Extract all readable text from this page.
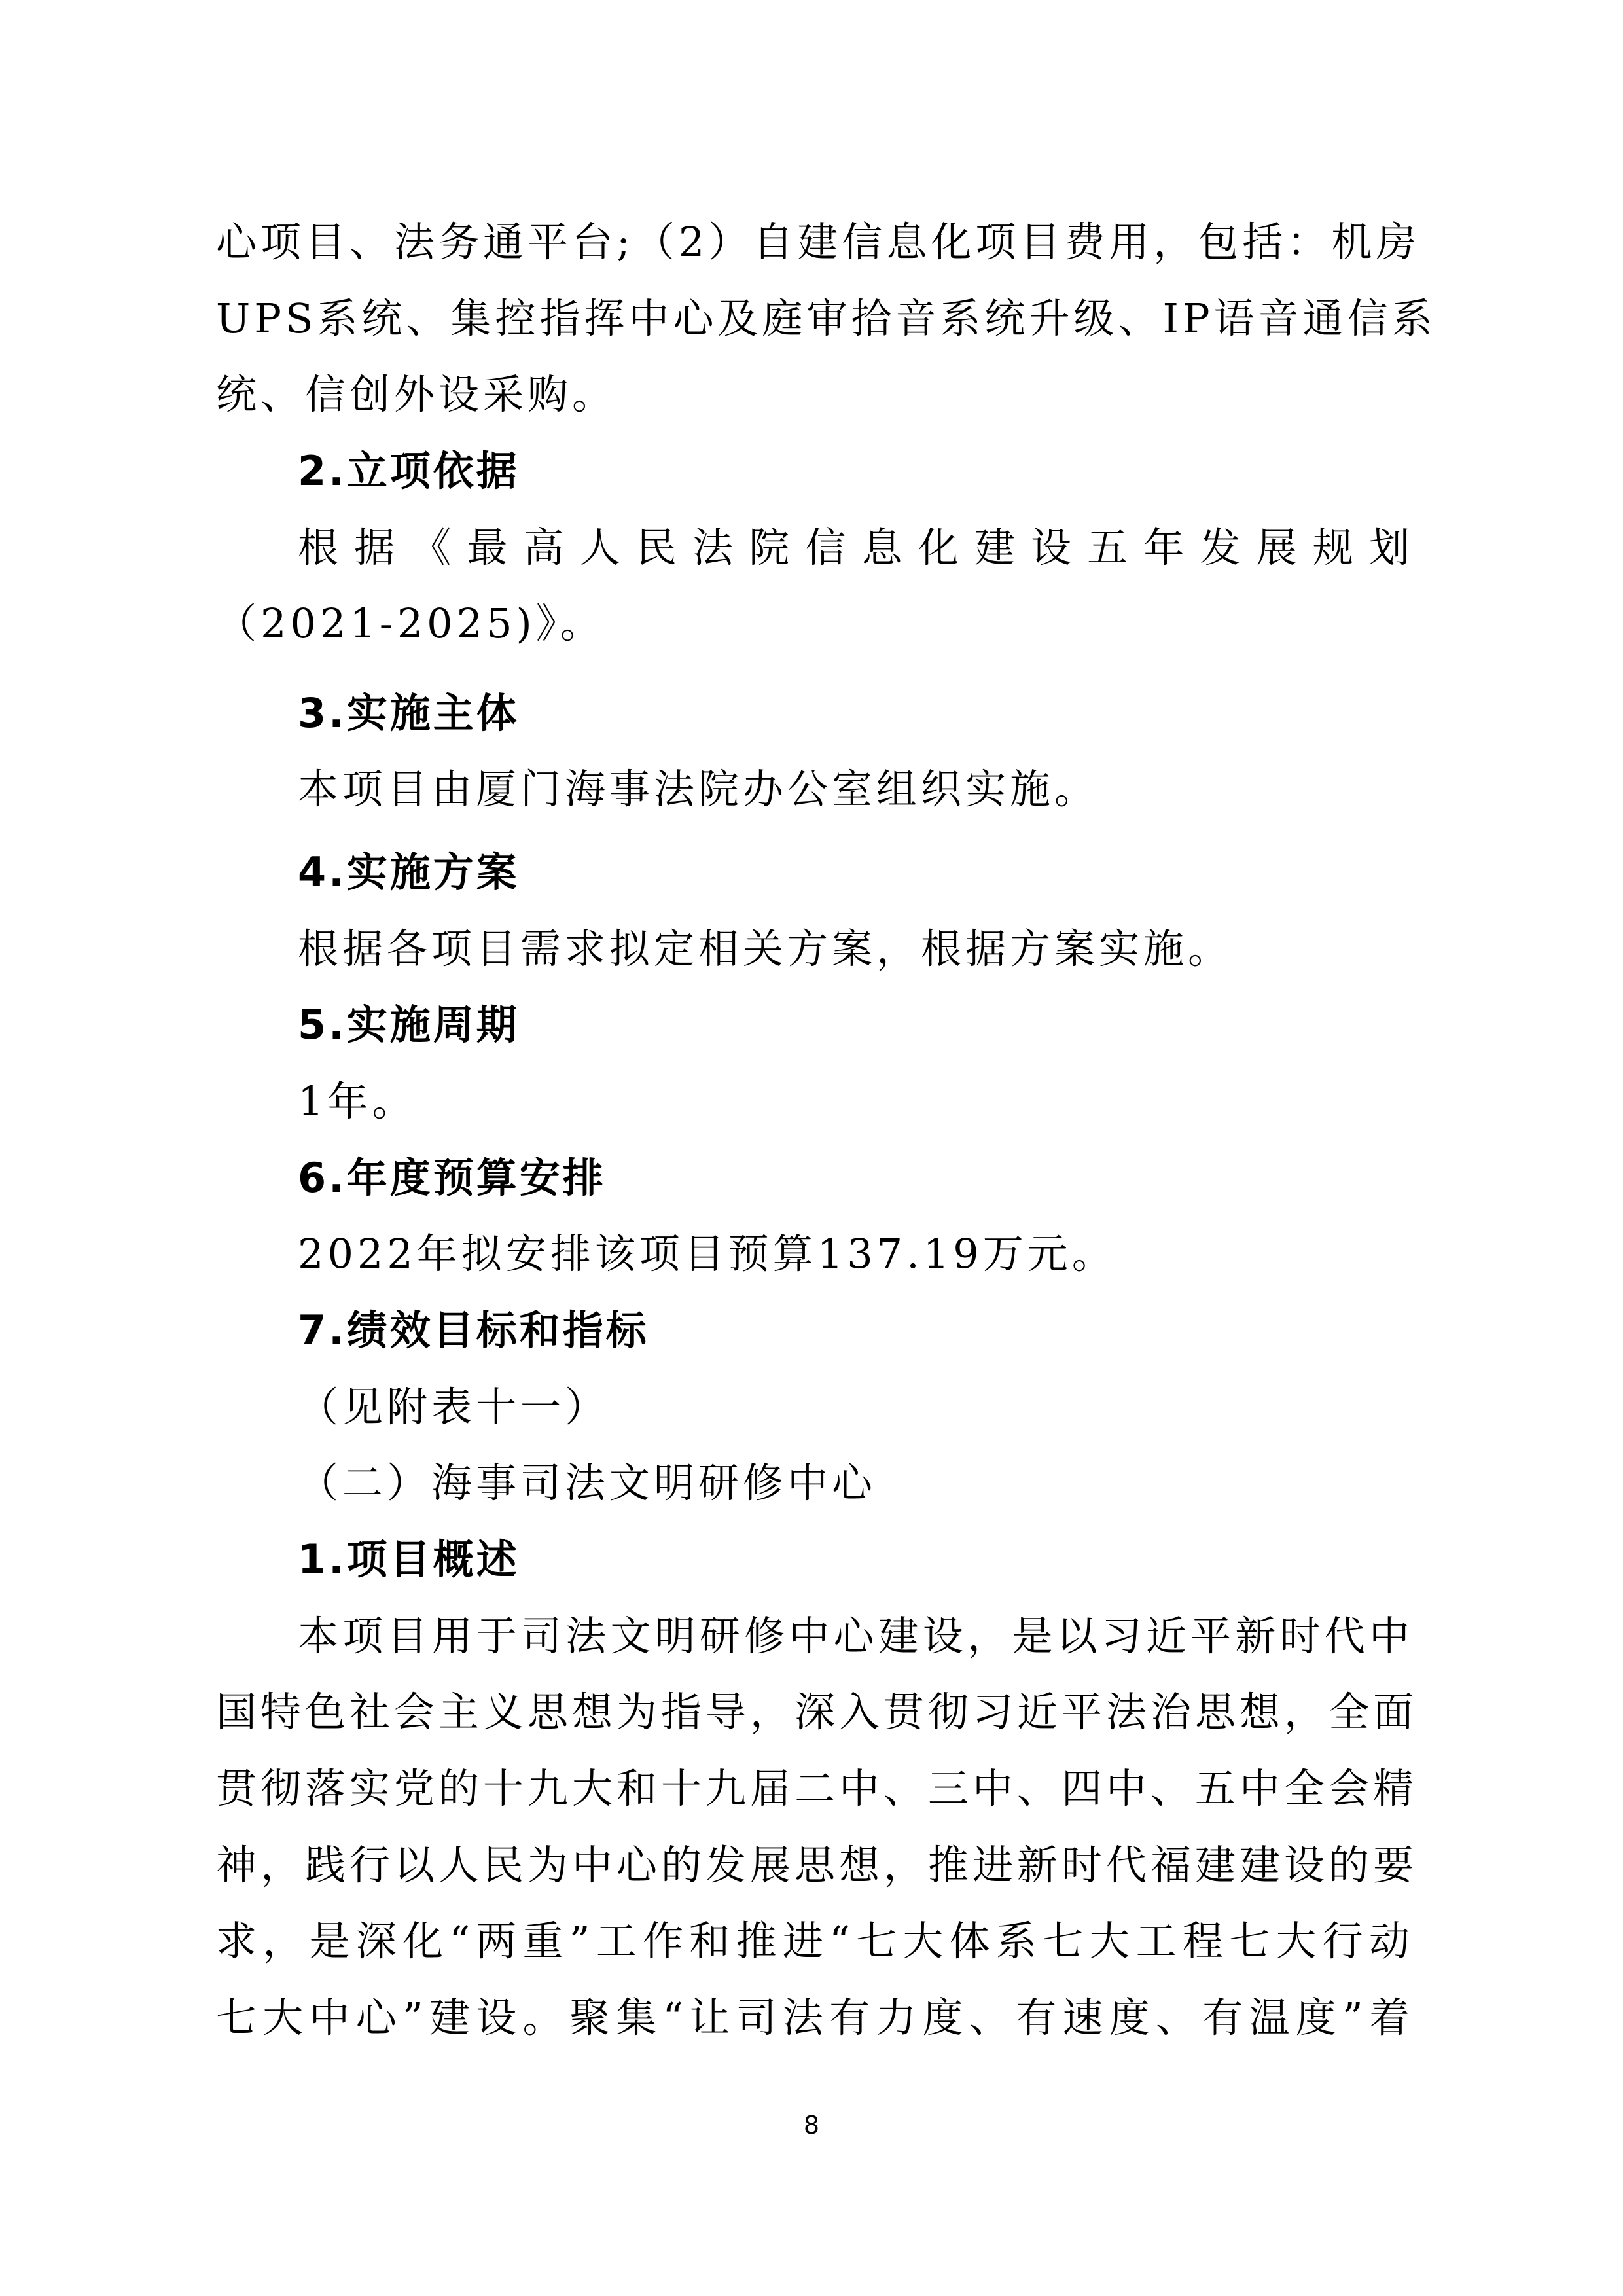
心项目、法务通平台;（2）自建信息化项目费用，包括：机房
UPS系统、集控指挥中心及庭审拾音系统升级、IP语音通信系
统、信创外设采购。
2.立项依据
根据《最高人民法院信息化建设五年发展规划
（2021-2025)》。
3.实施主体
本项目由厦门海事法院办公室组织实施。
4.实施方案
根据各项目需求拟定相关方案，根据方案实施。
5.实施周期
1年。
6.年度预算安排
2022年拟安排该项目预算137.19万元。
7.绩效目标和指标
（见附表十一）
（二）海事司法文明研修中心
1.项目概述
本项目用于司法文明研修中心建设，是以习近平新时代中
国特色社会主义思想为指导，深入贯彻习近平法治思想，全面
贯彻落实党的十九大和十九届二中、三中、四中、五中全会精
神，践行以人民为中心的发展思想，推进新时代福建建设的要
求，是深化“两重”工作和推进“七大体系七大工程七大行动
七大中心”建设。聚集“让司法有力度、有速度、有温度”着
8
